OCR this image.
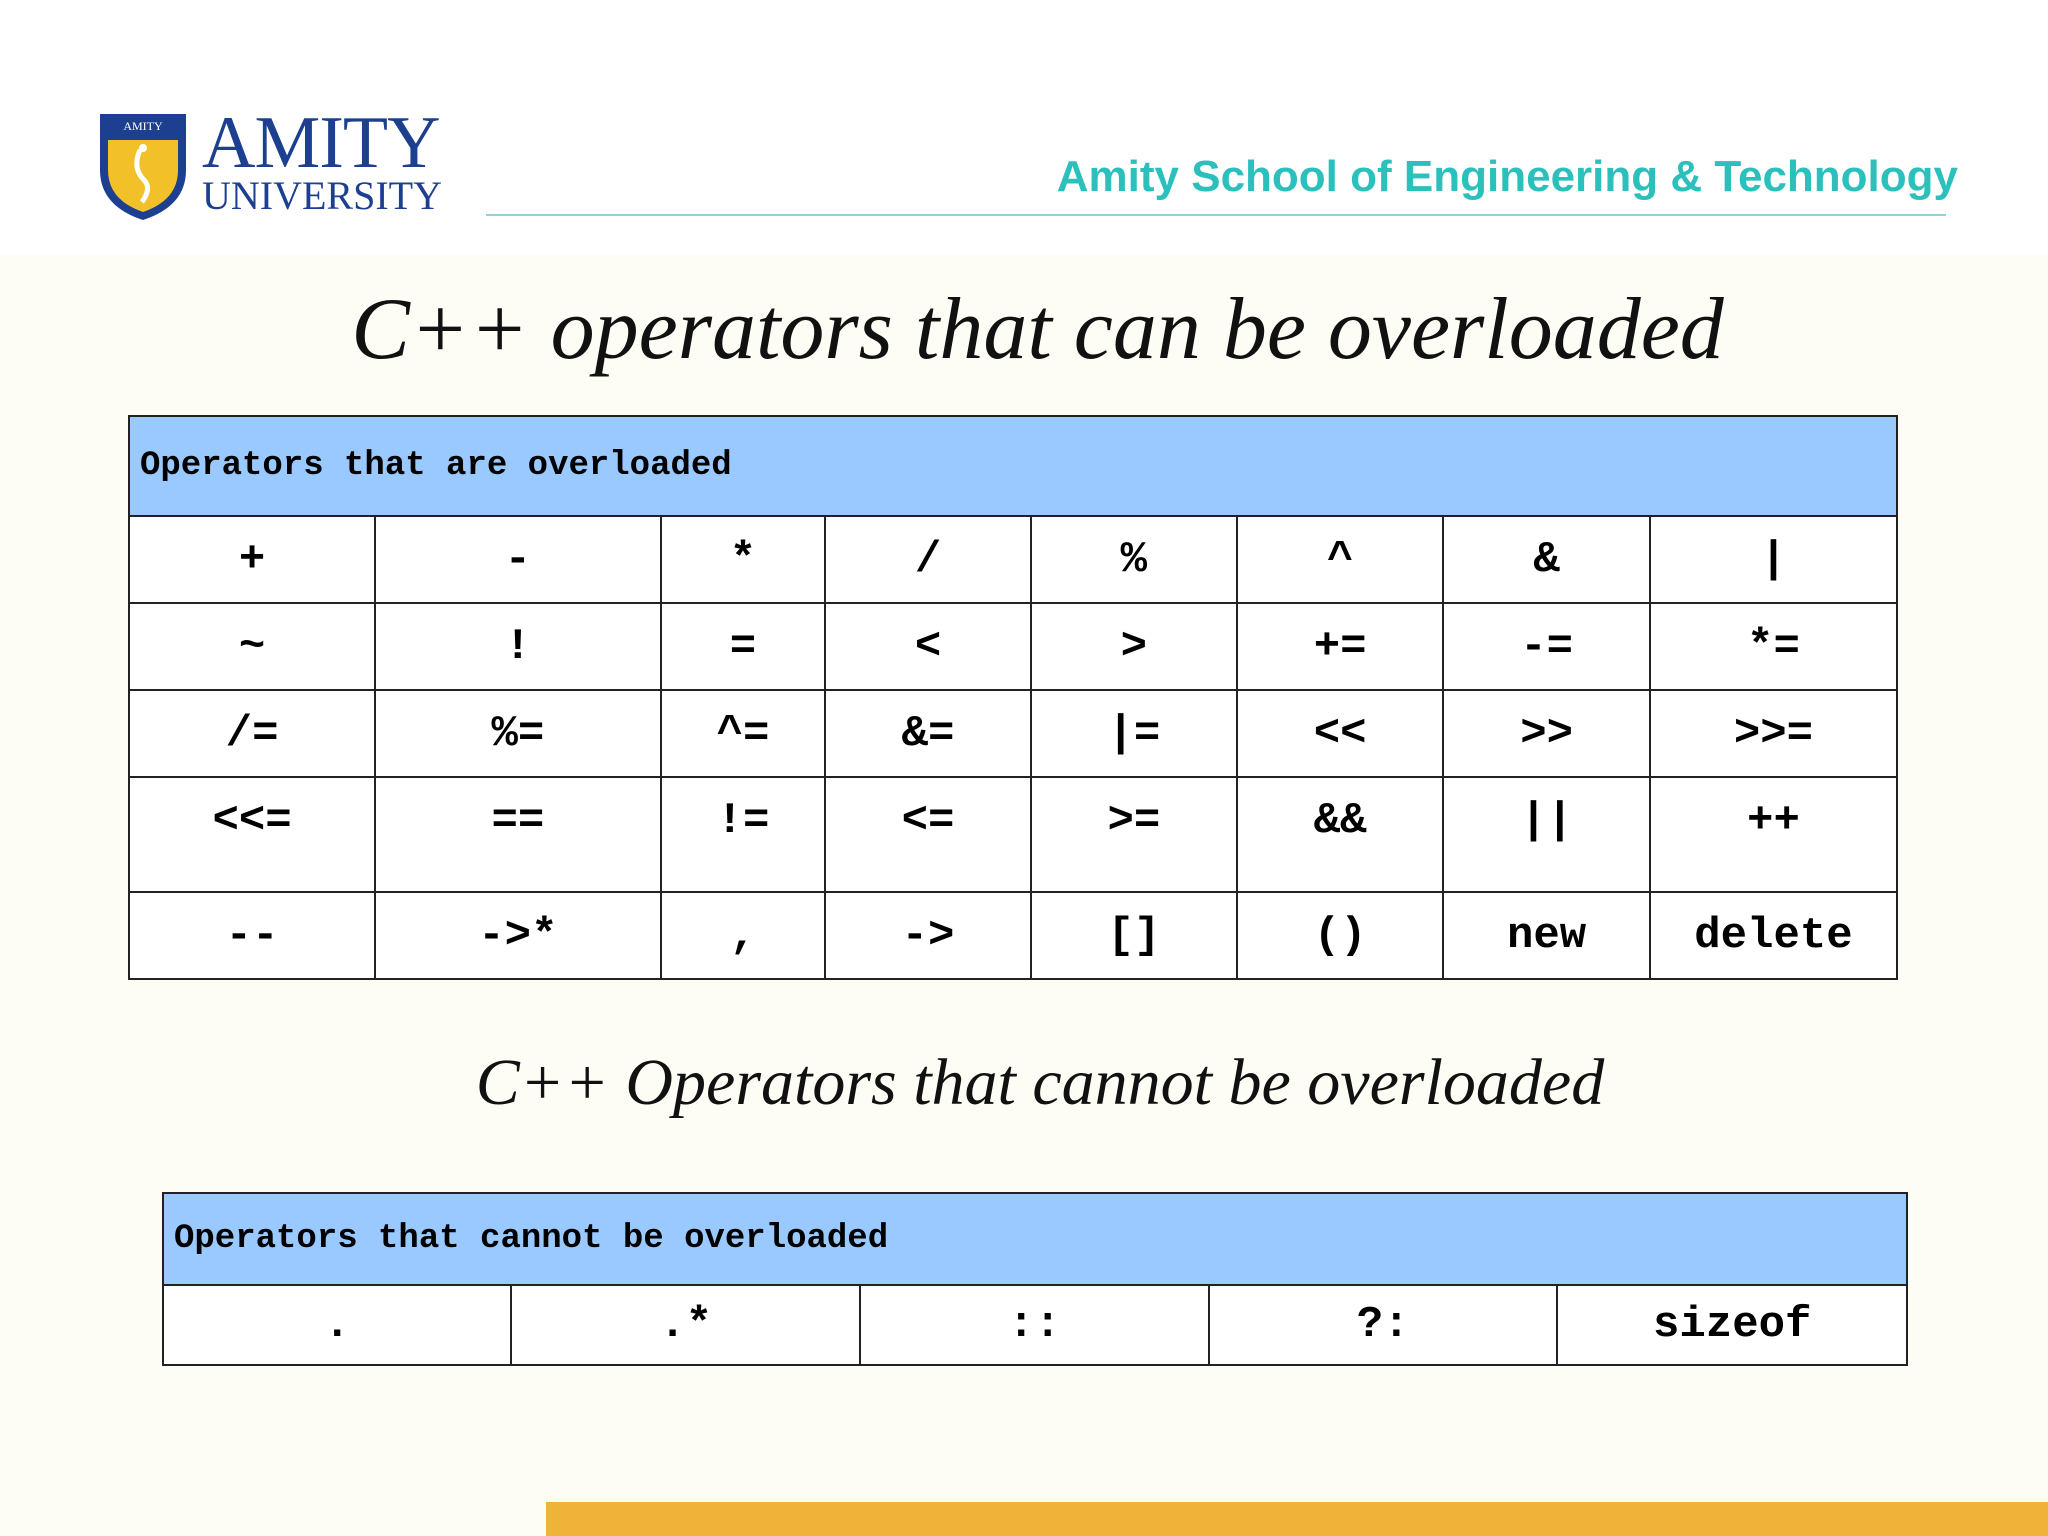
AMITY AMITY
UNIVERSITY	Amity School of Engineering & Technology
C++ operators that can be overloaded
Operators that are overloaded							
+	-	*	/	%	^	&	|
~	!	=	<	>	+=	-=	*=
/=	%=	^=	&=	|=	<<	>>	>>=
<<=	==	!=	<=	>=	&&	||	++
--	->*	,	->	[]	()	new	delete
C++ Operators that cannot be overloaded
Operators that cannot be overloaded
.	.*	::	?:	sizeof
